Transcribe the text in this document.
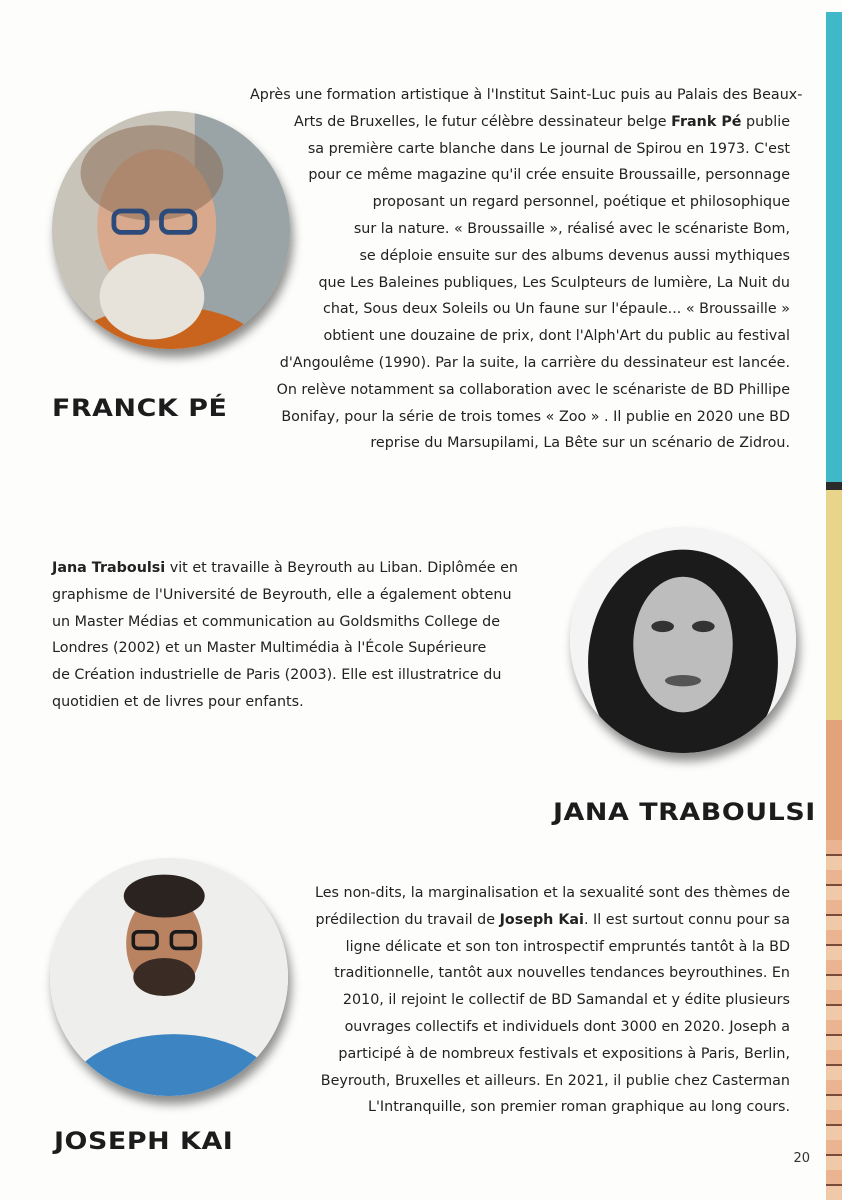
FRANCK PÉ
Après une formation artistique à l'Institut Saint-Luc puis au Palais des Beaux-
Arts de Bruxelles, le futur célèbre dessinateur belge Frank Pé publie
sa première carte blanche dans Le journal de Spirou en 1973. C'est
pour ce même magazine qu'il crée ensuite Broussaille, personnage
proposant un regard personnel, poétique et philosophique
sur la nature. « Broussaille », réalisé avec le scénariste Bom,
se déploie ensuite sur des albums devenus aussi mythiques
que Les Baleines publiques, Les Sculpteurs de lumière, La Nuit du
chat, Sous deux Soleils ou Un faune sur l'épaule... « Broussaille »
obtient une douzaine de prix, dont l'Alph'Art du public au festival
d'Angoulême (1990). Par la suite, la carrière du dessinateur est lancée.
On relève notamment sa collaboration avec le scénariste de BD Phillipe
Bonifay, pour la série de trois tomes « Zoo » . Il publie en 2020 une BD
reprise du Marsupilami, La Bête sur un scénario de Zidrou.
JANA TRABOULSI
Jana Traboulsi vit et travaille à Beyrouth au Liban. Diplômée en
graphisme de l'Université de Beyrouth, elle a également obtenu
un Master Médias et communication au Goldsmiths College de
Londres (2002) et un Master Multimédia à l'École Supérieure
de Création industrielle de Paris (2003). Elle est illustratrice du
quotidien et de livres pour enfants.
JOSEPH KAI
Les non-dits, la marginalisation et la sexualité sont des thèmes de
prédilection du travail de Joseph Kai. Il est surtout connu pour sa
ligne délicate et son ton introspectif empruntés tantôt à la BD
traditionnelle, tantôt aux nouvelles tendances beyrouthines. En
2010, il rejoint le collectif de BD Samandal et y édite plusieurs
ouvrages collectifs et individuels dont 3000 en 2020. Joseph a
participé à de nombreux festivals et expositions à Paris, Berlin,
Beyrouth, Bruxelles et ailleurs. En 2021, il publie chez Casterman
L'Intranquille, son premier roman graphique au long cours.
20
